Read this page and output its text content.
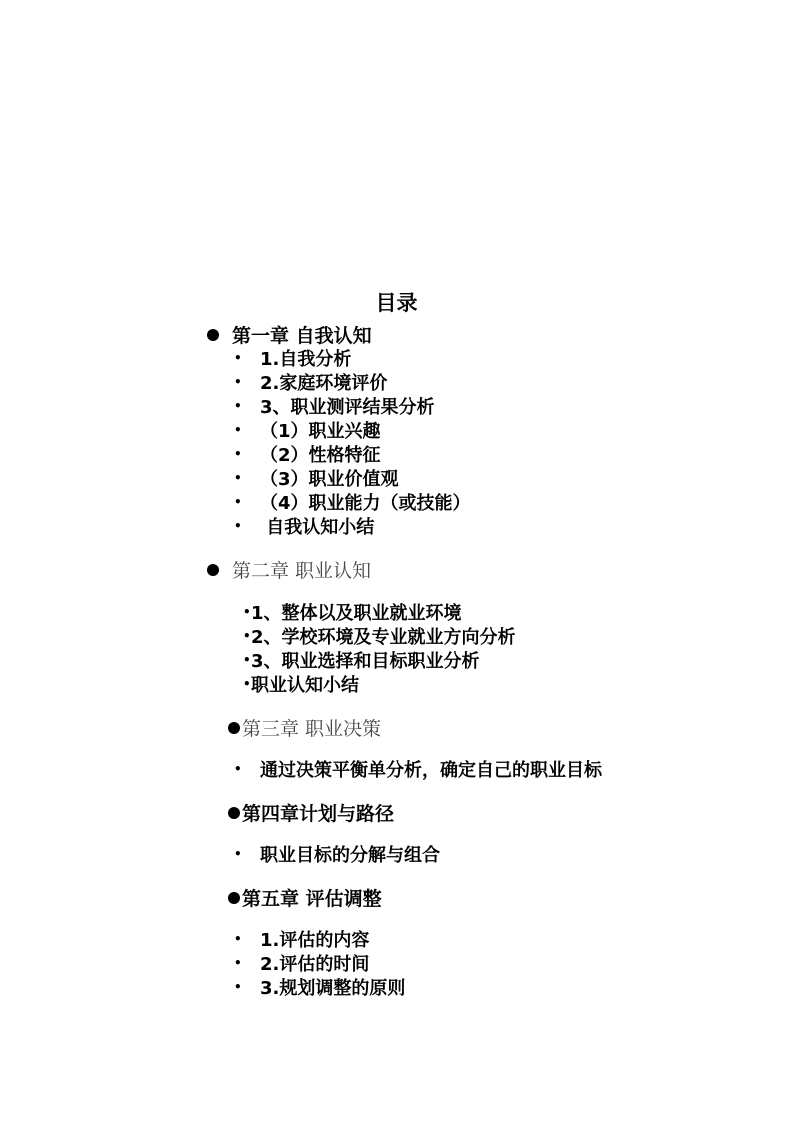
目录
第一章 自我认知
• 1.自我分析
• 2.家庭环境评价
• 3、职业测评结果分析
• （1）职业兴趣
• （2）性格特征
• （3）职业价值观
• （4）职业能力（或技能）
• 自我认知小结
第二章 职业认知
•1、整体以及职业就业环境
•2、学校环境及专业就业方向分析
•3、职业选择和目标职业分析
•职业认知小结
第三章 职业决策
• 通过决策平衡单分析，确定自己的职业目标
第四章计划与路径
• 职业目标的分解与组合
第五章 评估调整
• 1.评估的内容
• 2.评估的时间
• 3.规划调整的原则
